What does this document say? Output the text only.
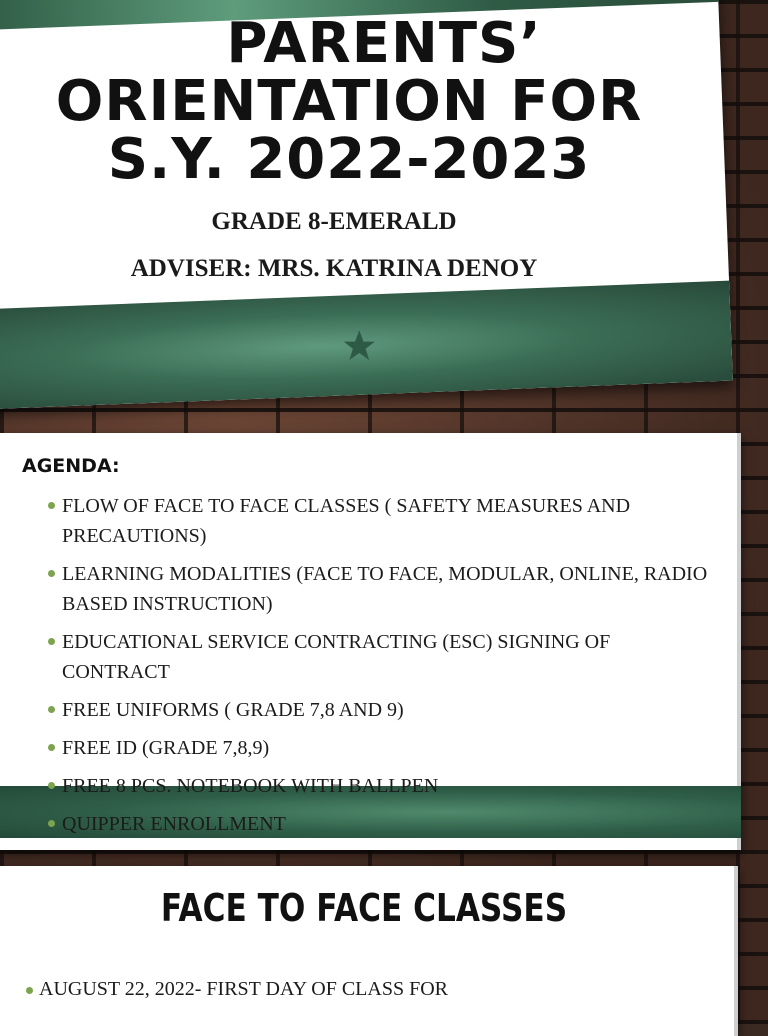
PARENTS’
ORIENTATION FOR
S.Y. 2022-2023
GRADE 8-EMERALD
ADVISER: MRS. KATRINA DENOY
AGENDA:
FLOW OF FACE TO FACE CLASSES ( SAFETY MEASURES AND
PRECAUTIONS)
LEARNING MODALITIES (FACE TO FACE, MODULAR, ONLINE, RADIO
BASED INSTRUCTION)
EDUCATIONAL SERVICE CONTRACTING (ESC) SIGNING OF
CONTRACT
FREE UNIFORMS ( GRADE 7,8 AND 9)
FREE ID (GRADE 7,8,9)
FREE 8 PCS. NOTEBOOK WITH BALLPEN
QUIPPER ENROLLMENT
FACE TO FACE CLASSES
AUGUST 22, 2022- FIRST DAY OF CLASS FOR
